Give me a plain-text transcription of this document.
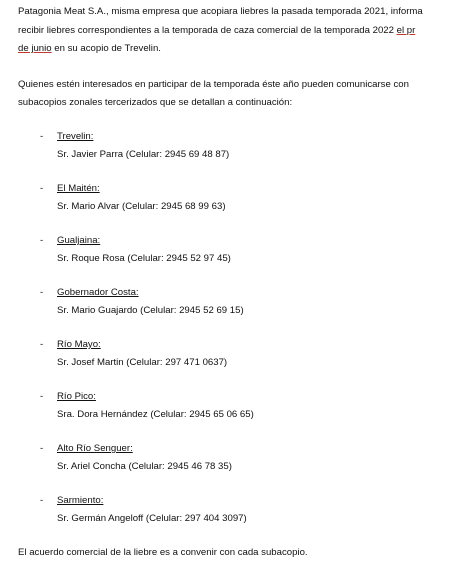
Patagonia Meat S.A., misma empresa que acopiara liebres la pasada temporada 2021, informa
recibir liebres correspondientes a la temporada de caza comercial de la temporada 2022 el pr
de junio en su acopio de Trevelin.
Quienes estén interesados en participar de la temporada éste año pueden comunicarse con
subacopios zonales tercerizados que se detallan a continuación:
- Trevelin:
Sr. Javier Parra (Celular: 2945 69 48 87)
- El Maitén:
Sr. Mario Alvar (Celular: 2945 68 99 63)
- Gualjaina:
Sr. Roque Rosa (Celular: 2945 52 97 45)
- Gobernador Costa:
Sr. Mario Guajardo (Celular: 2945 52 69 15)
- Río Mayo:
Sr. Josef Martin (Celular: 297 471 0637)
- Río Pico:
Sra. Dora Hernández (Celular: 2945 65 06 65)
- Alto Río Senguer:
Sr. Ariel Concha (Celular: 2945 46 78 35)
- Sarmiento:
Sr. Germán Angeloff (Celular: 297 404 3097)
El acuerdo comercial de la liebre es a convenir con cada subacopio.
